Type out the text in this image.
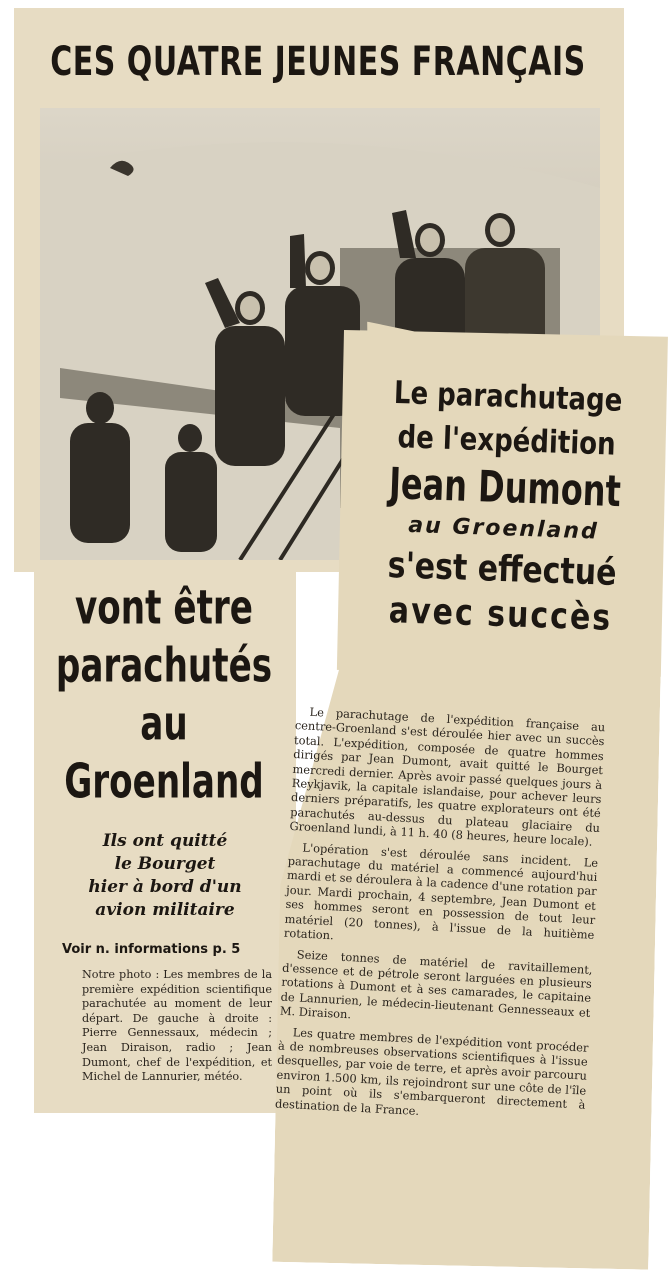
CES QUATRE JEUNES FRANÇAIS
vont être
parachutés
au
Groenland
Ils ont quitté
le Bourget
hier à bord d'un
avion militaire
Voir n. informations p. 5
Notre photo : Les membres de la première expédition scientifique parachutée au moment de leur départ. De gauche à droite : Pierre Gennessaux, médecin ; Jean Diraison, radio ; Jean Dumont, chef de l'expédition, et Michel de Lannurier, météo.
Le parachutage
de l'expédition
Jean Dumont
au Groenland
s'est effectué
avec succès

Le parachutage de l'expédition française au centre-Groenland s'est déroulée hier avec un succès total. L'expédition, composée de quatre hommes dirigés par Jean Dumont, avait quitté le Bourget mercredi dernier. Après avoir passé quelques jours à Reykjavik, la capitale islandaise, pour achever leurs derniers préparatifs, les quatre explorateurs ont été parachutés au-dessus du plateau glaciaire du Groenland lundi, à 11 h. 40 (8 heures, heure locale).

L'opération s'est déroulée sans incident. Le parachutage du matériel a commencé aujourd'hui mardi et se déroulera à la cadence d'une rotation par jour. Mardi prochain, 4 septembre, Jean Dumont et ses hommes seront en possession de tout leur matériel (20 tonnes), à l'issue de la huitième rotation.

Seize tonnes de matériel de ravitaillement, d'essence et de pétrole seront larguées en plusieurs rotations à Dumont et à ses camarades, le capitaine de Lannurien, le médecin-lieutenant Gennesseaux et M. Diraison.

Les quatre membres de l'expédition vont procéder à de nombreuses observations scientifiques à l'issue desquelles, par voie de terre, et après avoir parcouru environ 1.500 km, ils rejoindront sur une côte de l'île un point où ils s'embarqueront directement à destination de la France.
